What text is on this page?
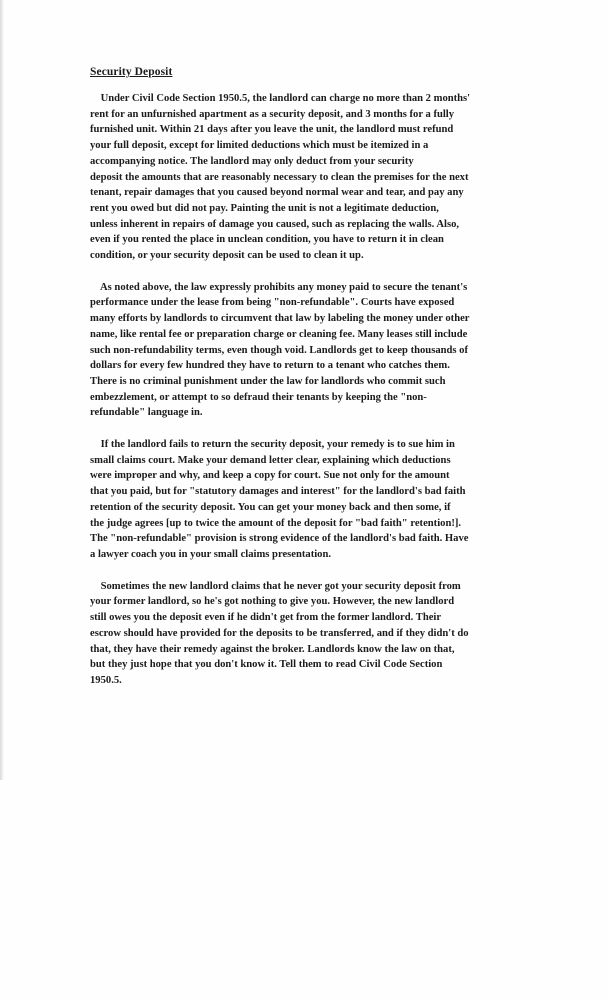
Security Deposit
Under Civil Code Section 1950.5, the landlord can charge no more than 2 months'
rent for an unfurnished apartment as a security deposit, and 3 months for a fully
furnished unit. Within 21 days after you leave the unit, the landlord must refund
your full deposit, except for limited deductions which must be itemized in a
accompanying notice. The landlord may only deduct from your security
deposit the amounts that are reasonably necessary to clean the premises for the next
tenant, repair damages that you caused beyond normal wear and tear, and pay any
rent you owed but did not pay. Painting the unit is not a legitimate deduction,
unless inherent in repairs of damage you caused, such as replacing the walls. Also,
even if you rented the place in unclean condition, you have to return it in clean
condition, or your security deposit can be used to clean it up.
As noted above, the law expressly prohibits any money paid to secure the tenant's
performance under the lease from being "non-refundable". Courts have exposed
many efforts by landlords to circumvent that law by labeling the money under other
name, like rental fee or preparation charge or cleaning fee. Many leases still include
such non-refundability terms, even though void. Landlords get to keep thousands of
dollars for every few hundred they have to return to a tenant who catches them.
There is no criminal punishment under the law for landlords who commit such
embezzlement, or attempt to so defraud their tenants by keeping the "non-
refundable" language in.
If the landlord fails to return the security deposit, your remedy is to sue him in
small claims court. Make your demand letter clear, explaining which deductions
were improper and why, and keep a copy for court. Sue not only for the amount
that you paid, but for "statutory damages and interest" for the landlord's bad faith
retention of the security deposit. You can get your money back and then some, if
the judge agrees [up to twice the amount of the deposit for "bad faith" retention!].
The "non-refundable" provision is strong evidence of the landlord's bad faith. Have
a lawyer coach you in your small claims presentation.
Sometimes the new landlord claims that he never got your security deposit from
your former landlord, so he's got nothing to give you. However, the new landlord
still owes you the deposit even if he didn't get from the former landlord. Their
escrow should have provided for the deposits to be transferred, and if they didn't do
that, they have their remedy against the broker. Landlords know the law on that,
but they just hope that you don't know it. Tell them to read Civil Code Section
1950.5.
